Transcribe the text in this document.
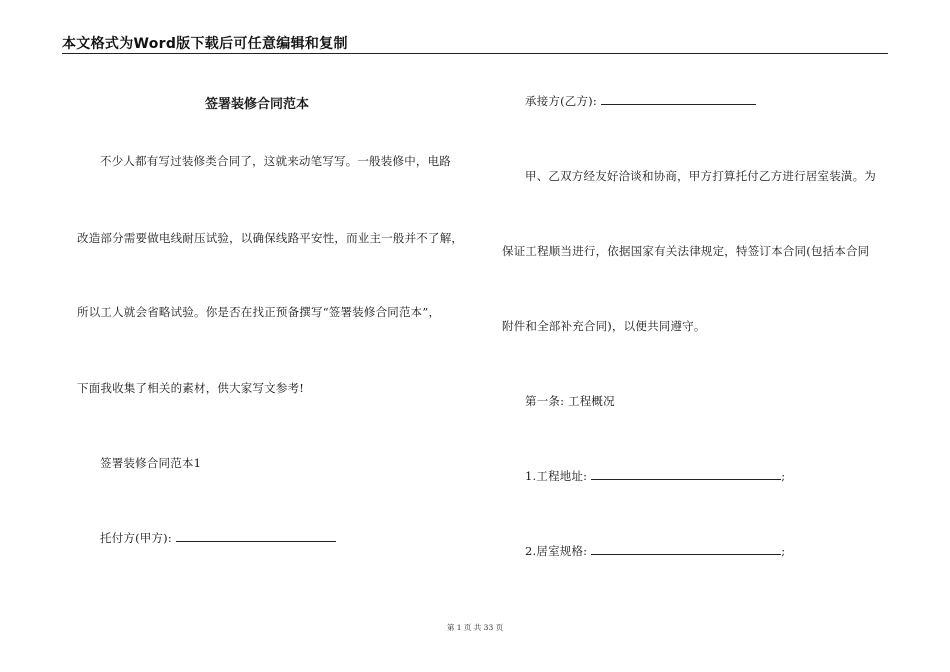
本文格式为Word版下载后可任意编辑和复制
签署装修合同范本
不少人都有写过装修类合同了，这就来动笔写写。一般装修中，电路
改造部分需要做电线耐压试验，以确保线路平安性，而业主一般并不了解，
所以工人就会省略试验。你是否在找正预备撰写“签署装修合同范本”，
下面我收集了相关的素材，供大家写文参考!
签署装修合同范本1
托付方(甲方):
承接方(乙方):
甲、乙双方经友好洽谈和协商，甲方打算托付乙方进行居室装潢。为
保证工程顺当进行，依据国家有关法律规定，特签订本合同(包括本合同
附件和全部补充合同)，以便共同遵守。
第一条: 工程概况
1.工程地址:	;
2.居室规格:	;
第 1 页 共 33 页
